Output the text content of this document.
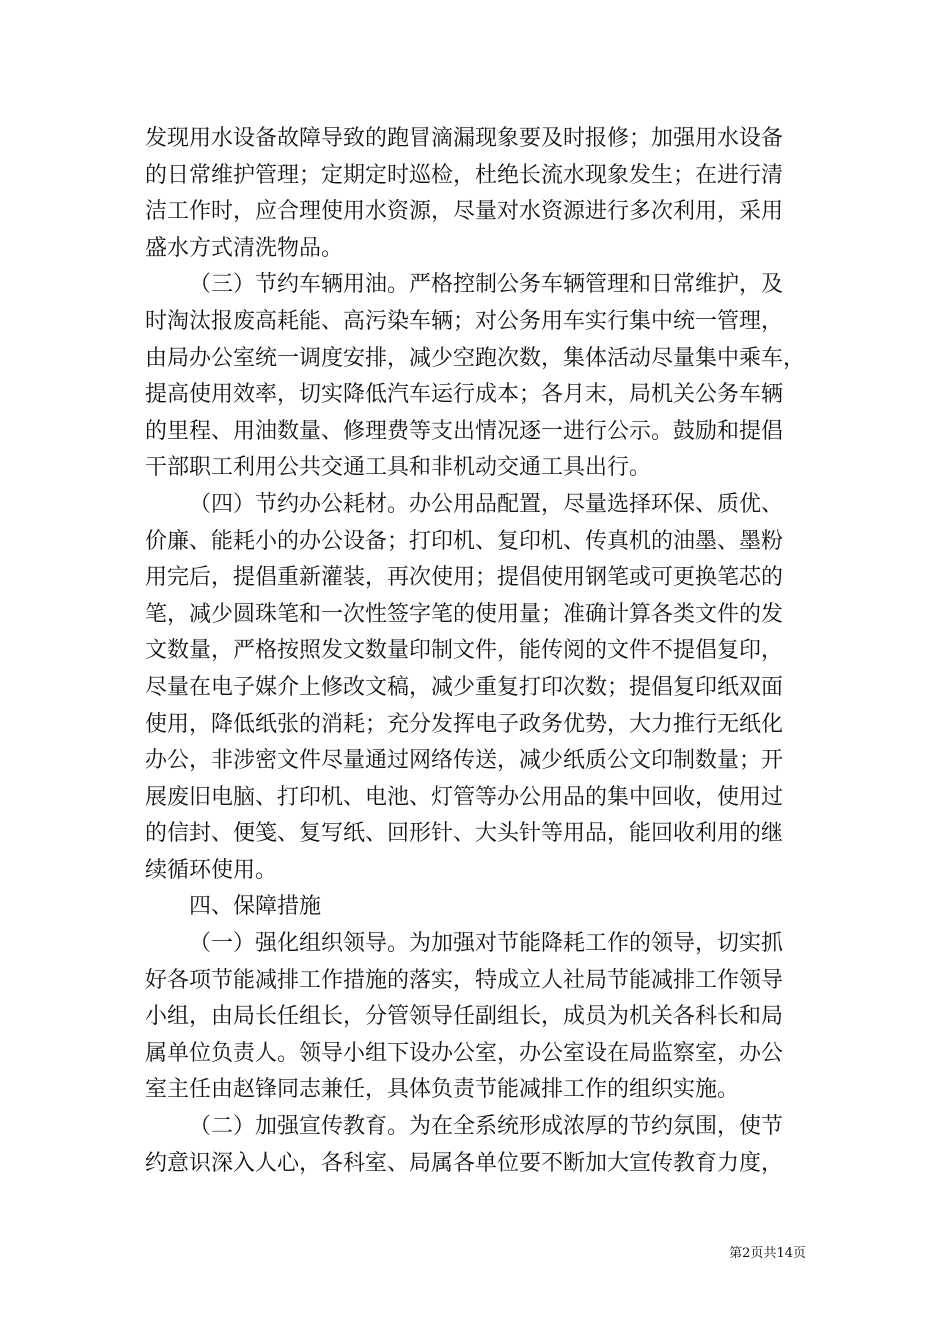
发现用水设备故障导致的跑冒滴漏现象要及时报修；加强用水设备
的日常维护管理；定期定时巡检，杜绝长流水现象发生；在进行清
洁工作时，应合理使用水资源，尽量对水资源进行多次利用，采用
盛水方式清洗物品。
（三）节约车辆用油。严格控制公务车辆管理和日常维护，及
时淘汰报废高耗能、高污染车辆；对公务用车实行集中统一管理，
由局办公室统一调度安排，减少空跑次数，集体活动尽量集中乘车，
提高使用效率，切实降低汽车运行成本；各月末，局机关公务车辆
的里程、用油数量、修理费等支出情况逐一进行公示。鼓励和提倡
干部职工利用公共交通工具和非机动交通工具出行。
（四）节约办公耗材。办公用品配置，尽量选择环保、质优、
价廉、能耗小的办公设备；打印机、复印机、传真机的油墨、墨粉
用完后，提倡重新灌装，再次使用；提倡使用钢笔或可更换笔芯的
笔，减少圆珠笔和一次性签字笔的使用量；准确计算各类文件的发
文数量，严格按照发文数量印制文件，能传阅的文件不提倡复印，
尽量在电子媒介上修改文稿，减少重复打印次数；提倡复印纸双面
使用，降低纸张的消耗；充分发挥电子政务优势，大力推行无纸化
办公，非涉密文件尽量通过网络传送，减少纸质公文印制数量；开
展废旧电脑、打印机、电池、灯管等办公用品的集中回收，使用过
的信封、便笺、复写纸、回形针、大头针等用品，能回收利用的继
续循环使用。
四、保障措施
（一）强化组织领导。为加强对节能降耗工作的领导，切实抓
好各项节能减排工作措施的落实，特成立人社局节能减排工作领导
小组，由局长任组长，分管领导任副组长，成员为机关各科长和局
属单位负责人。领导小组下设办公室，办公室设在局监察室，办公
室主任由赵锋同志兼任，具体负责节能减排工作的组织实施。
（二）加强宣传教育。为在全系统形成浓厚的节约氛围，使节
约意识深入人心，各科室、局属各单位要不断加大宣传教育力度，
第2页共14页
